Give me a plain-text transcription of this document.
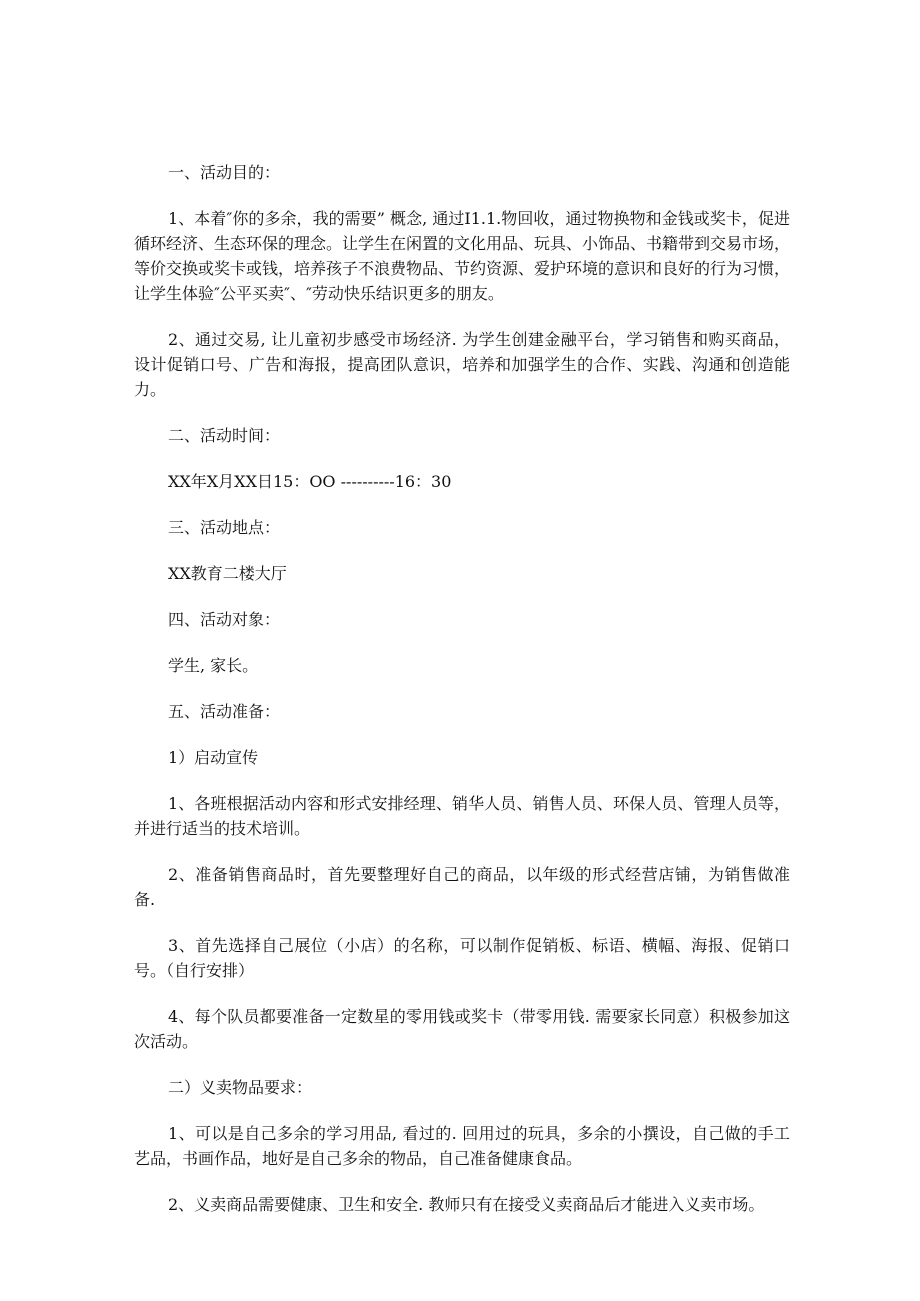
一、活动目的：

1、本着″你的多余，我的需要” 概念, 通过I1.1.物回收，通过物换物和金钱或奖卡，促进循环经济、生态环保的理念。让学生在闲置的文化用品、玩具、小饰品、书籍带到交易市场，等价交换或奖卡或钱，培养孩子不浪费物品、节约资源、爱护环境的意识和良好的行为习惯，让学生体验″公平买卖″、″劳动快乐结识更多的朋友。

2、通过交易, 让儿童初步感受市场经济. 为学生创建金融平台，学习销售和购买商品，设计促销口号、广告和海报，提高团队意识，培养和加强学生的合作、实践、沟通和创造能力。

二、活动时间：

XX年X月XX日15：OO ----------16：30

三、活动地点：

XX教育二楼大厅

四、活动对象：

学生, 家长。

五、活动准备：

1）启动宣传

1、各班根据活动内容和形式安排经理、销华人员、销售人员、环保人员、管理人员等，并进行适当的技术培训。

2、准备销售商品时，首先要整理好自己的商品，以年级的形式经营店铺，为销售做准备.

3、首先选择自己展位（小店）的名称，可以制作促销板、标语、横幅、海报、促销口号。（自行安排）

4、每个队员都要准备一定数星的零用钱或奖卡（带零用钱. 需要家长同意）积极参加这次活动。

二）义卖物品要求：

1、可以是自己多余的学习用品, 看过的. 回用过的玩具，多余的小撰设，自己做的手工艺品，书画作品，地好是自己多余的物品，自己准备健康食品。

2、义卖商品需要健康、卫生和安全. 教师只有在接受义卖商品后才能进入义卖市场。
